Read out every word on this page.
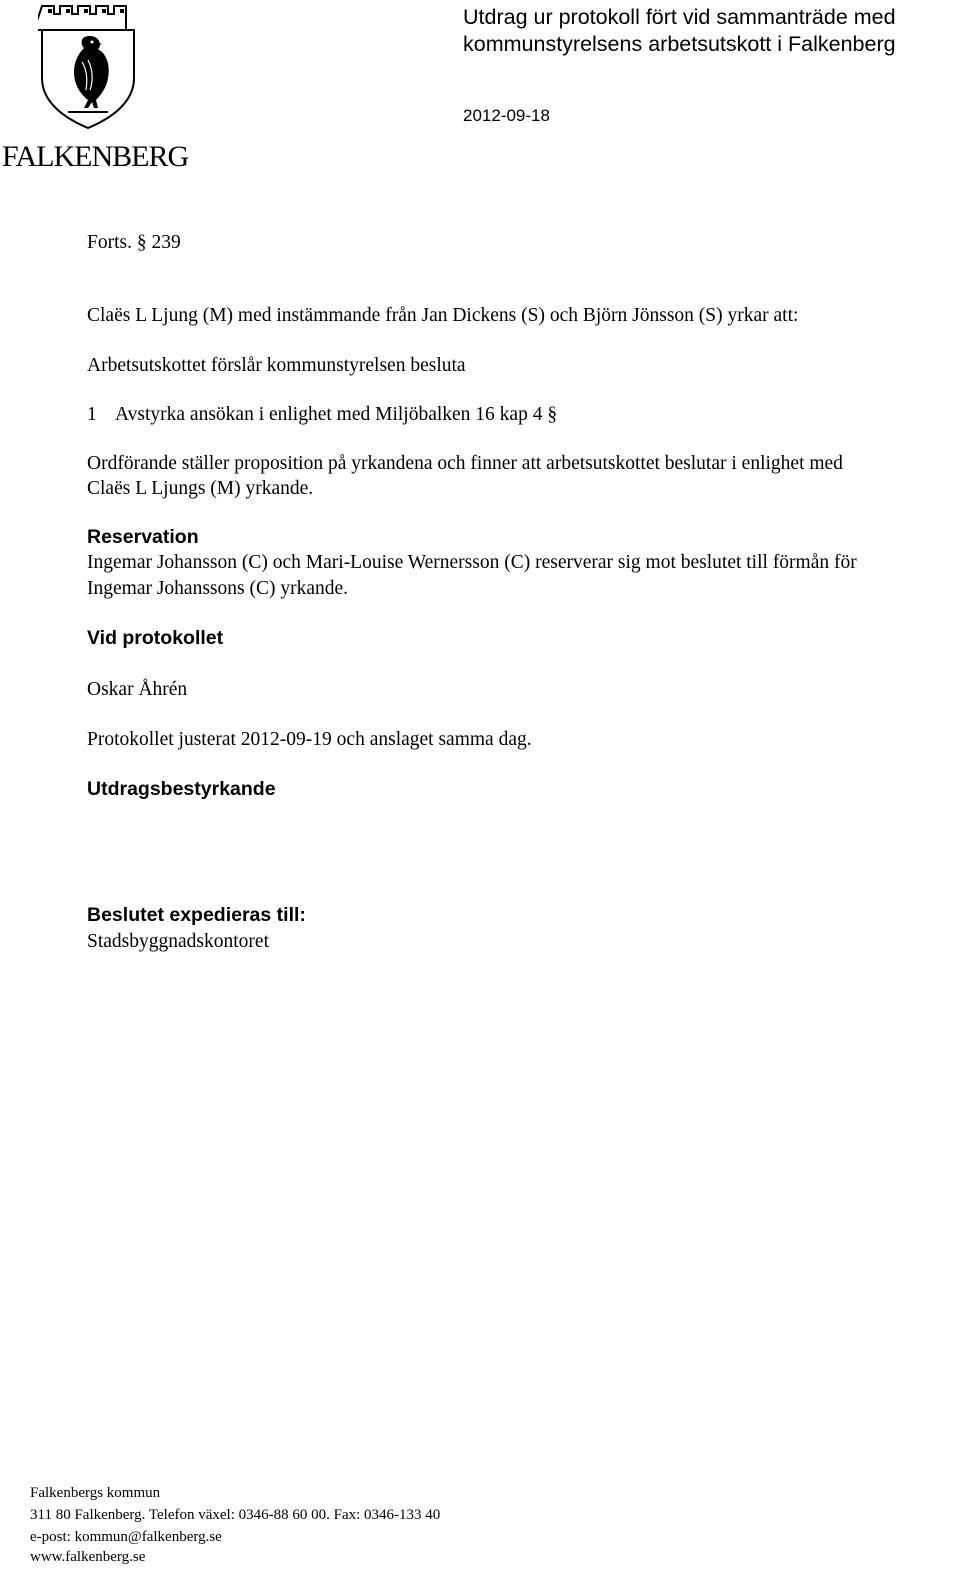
FALKENBERG
Utdrag ur protokoll fört vid sammanträde med kommunstyrelsens arbetsutskott i Falkenberg
2012-09-18
Forts. § 239
Claës L Ljung (M) med instämmande från Jan Dickens (S) och Björn Jönsson (S) yrkar att:
Arbetsutskottet förslår kommunstyrelsen besluta
1 Avstyrka ansökan i enlighet med Miljöbalken 16 kap 4 §
Ordförande ställer proposition på yrkandena och finner att arbetsutskottet beslutar i enlighet med
Claës L Ljungs (M) yrkande.
Reservation
Ingemar Johansson (C) och Mari-Louise Wernersson (C) reserverar sig mot beslutet till förmån för
Ingemar Johanssons (C) yrkande.
Vid protokollet
Oskar Åhrén
Protokollet justerat 2012-09-19 och anslaget samma dag.
Utdragsbestyrkande
Beslutet expedieras till:
Stadsbyggnadskontoret
Falkenbergs kommun
311 80 Falkenberg. Telefon växel: 0346-88 60 00. Fax: 0346-133 40
e-post: kommun@falkenberg.se
www.falkenberg.se
